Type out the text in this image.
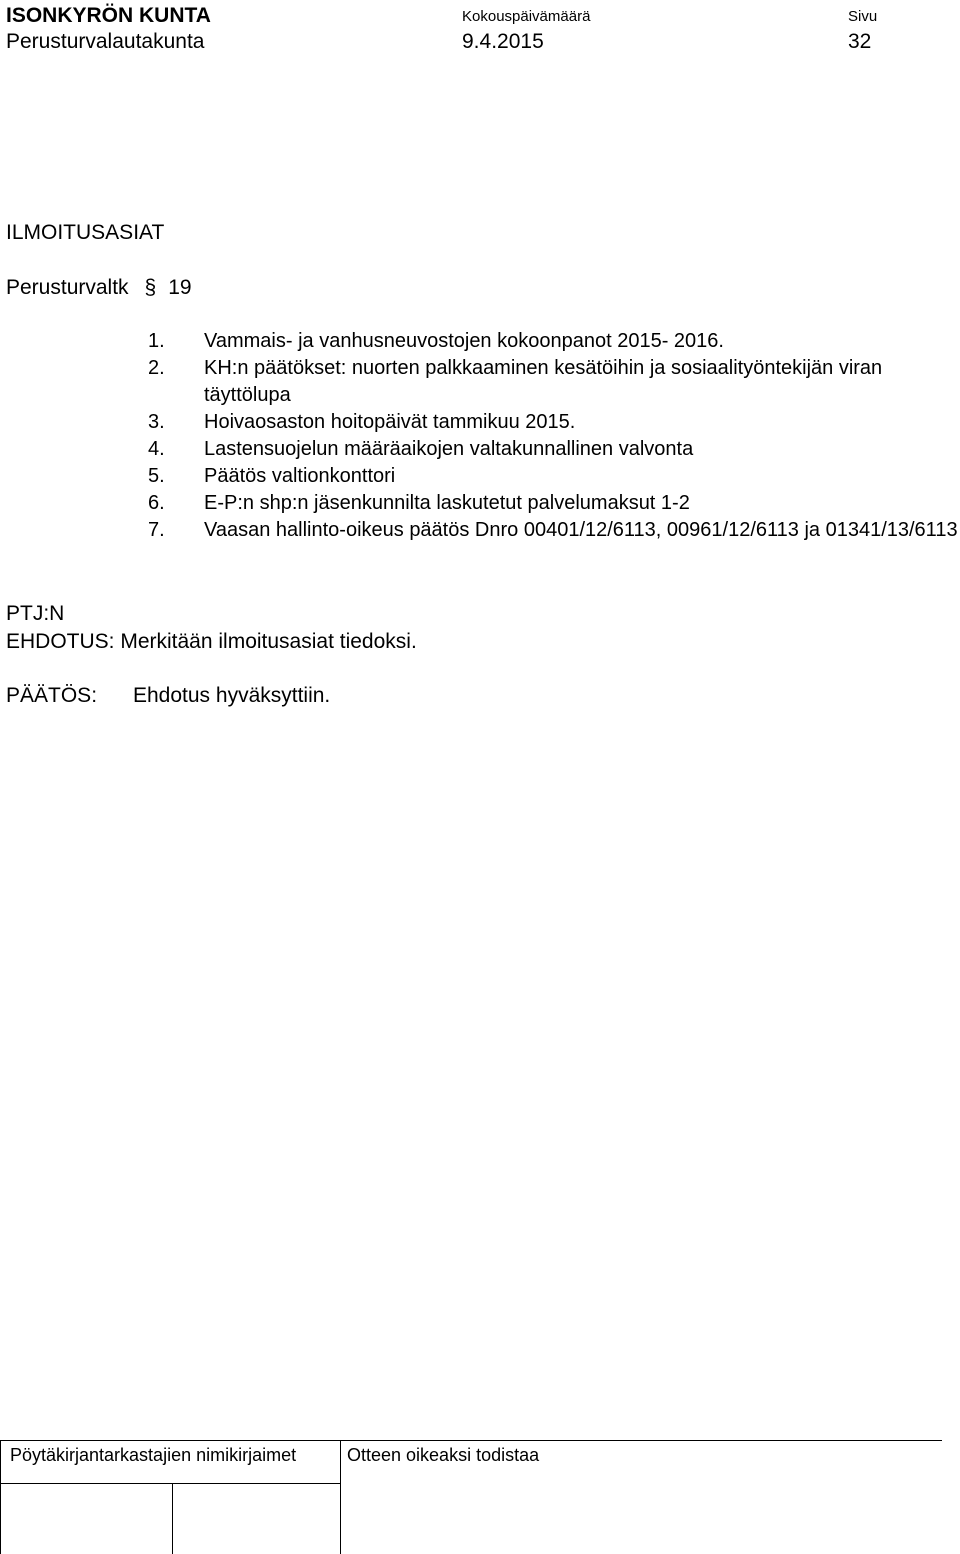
ISONKYRÖN KUNTA
Perusturvalautakunta
Kokouspäivämäärä
9.4.2015
Sivu
32
ILMOITUSASIAT
Perusturvaltk § 19
1.	Vammais- ja vanhusneuvostojen kokoonpanot 2015- 2016.
2.	KH:n päätökset: nuorten palkkaaminen kesätöihin ja sosiaalityöntekijän viran täyttölupa
3.	Hoivaosaston hoitopäivät tammikuu 2015.
4.	Lastensuojelun määräaikojen valtakunnallinen valvonta
5.	Päätös valtionkonttori
6.	E-P:n shp:n jäsenkunnilta laskutetut palvelumaksut 1-2
7.	Vaasan hallinto-oikeus päätös Dnro 00401/12/6113, 00961/12/6113 ja 01341/13/6113
PTJ:N
EHDOTUS: Merkitään ilmoitusasiat tiedoksi.
PÄÄTÖS: Ehdotus hyväksyttiin.
Pöytäkirjantarkastajien nimikirjaimet	Otteen oikeaksi todistaa
